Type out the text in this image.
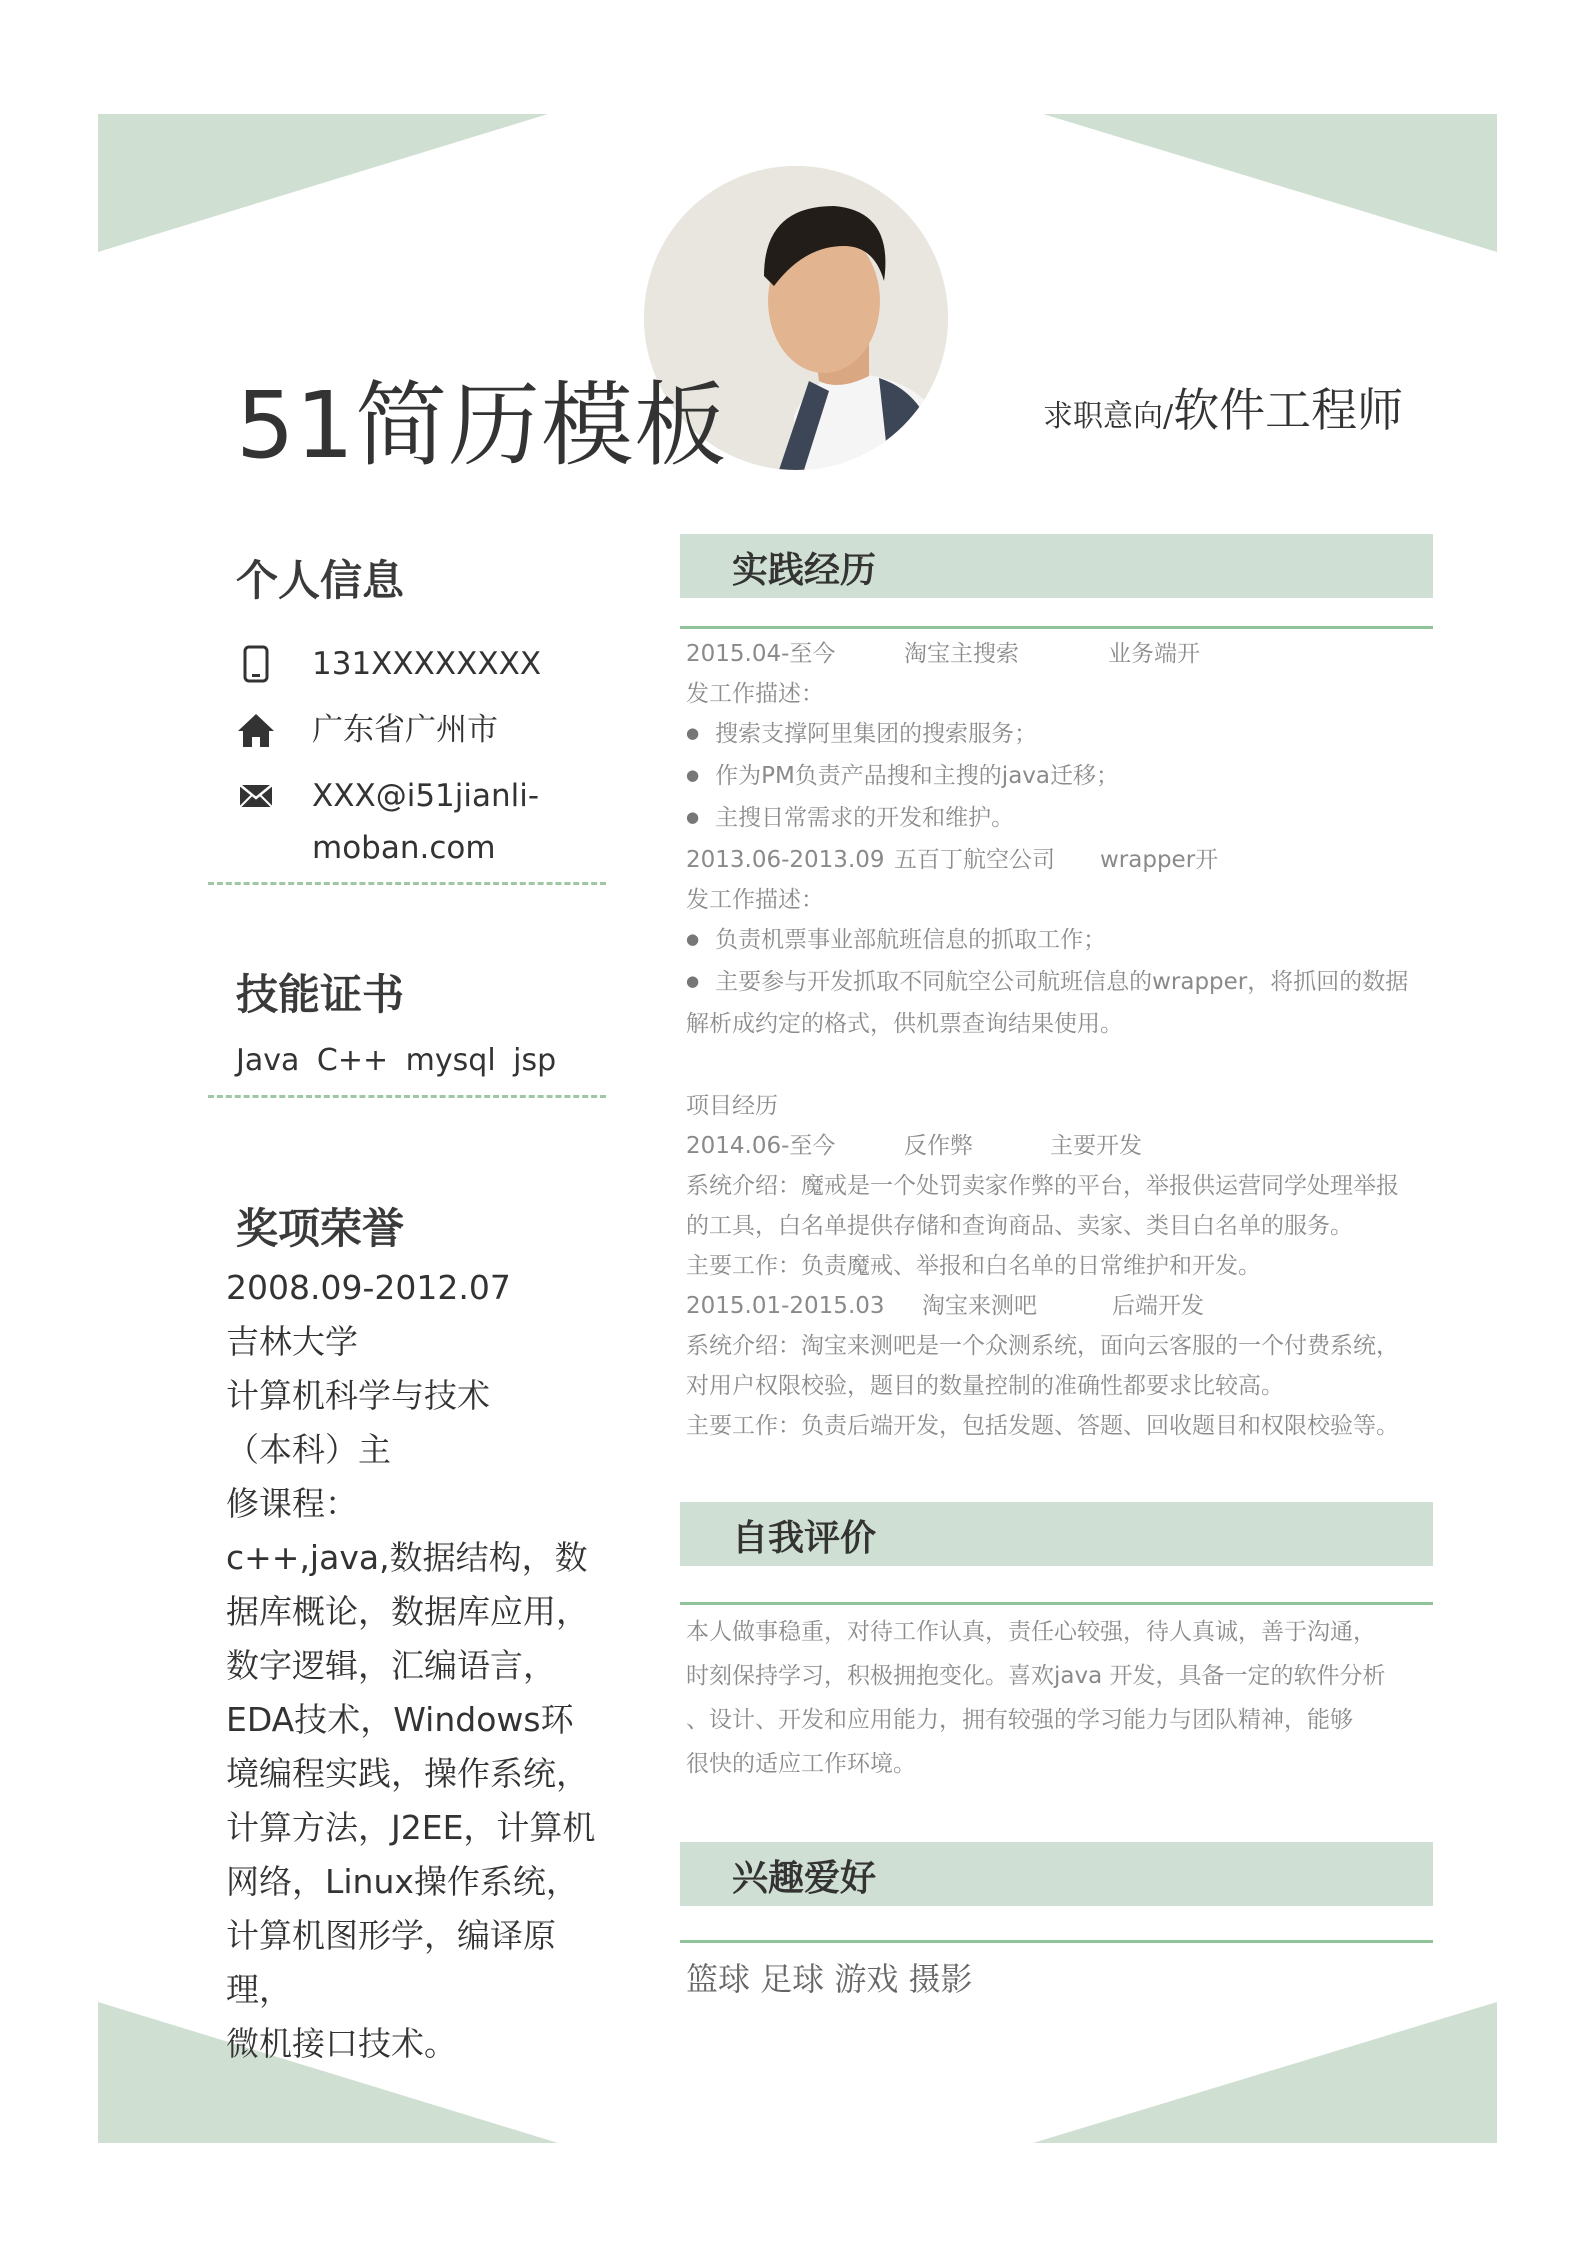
51简历模板	求职意向/软件工程师
个人信息
131XXXXXXXX
广东省广州市
XXX@i51jianli-
moban.com
技能证书
Java C++ mysql jsp
奖项荣誉
2008.09-2012.07
吉林大学
计算机科学与技术
（本科）主
修课程：
c++,java,数据结构，数
据库概论，数据库应用，
数字逻辑，汇编语言，
EDA技术，Windows环
境编程实践，操作系统，
计算方法，J2EE，计算机
网络，Linux操作系统，
计算机图形学，编译原理，
微机接口技术。
实践经历
2015.04-至今	淘宝主搜索	业务端开
发工作描述：
● 搜索支撑阿里集团的搜索服务；
● 作为PM负责产品搜和主搜的java迁移；
● 主搜日常需求的开发和维护。
2013.06-2013.09 五百丁航空公司 wrapper开
发工作描述：
● 负责机票事业部航班信息的抓取工作；
● 主要参与开发抓取不同航空公司航班信息的wrapper，将抓回的数据
解析成约定的格式，供机票查询结果使用。
项目经历
2014.06-至今	反作弊	主要开发
系统介绍：魔戒是一个处罚卖家作弊的平台，举报供运营同学处理举报
的工具，白名单提供存储和查询商品、卖家、类目白名单的服务。
主要工作：负责魔戒、举报和白名单的日常维护和开发。
2015.01-2015.03 淘宝来测吧	后端开发
系统介绍：淘宝来测吧是一个众测系统，面向云客服的一个付费系统，
对用户权限校验，题目的数量控制的准确性都要求比较高。
主要工作：负责后端开发，包括发题、答题、回收题目和权限校验等。
自我评价
本人做事稳重，对待工作认真，责任心较强，待人真诚，善于沟通，
时刻保持学习，积极拥抱变化。喜欢java 开发，具备一定的软件分析
、设计、开发和应用能力，拥有较强的学习能力与团队精神，能够
很快的适应工作环境。
兴趣爱好
篮球 足球 游戏 摄影
